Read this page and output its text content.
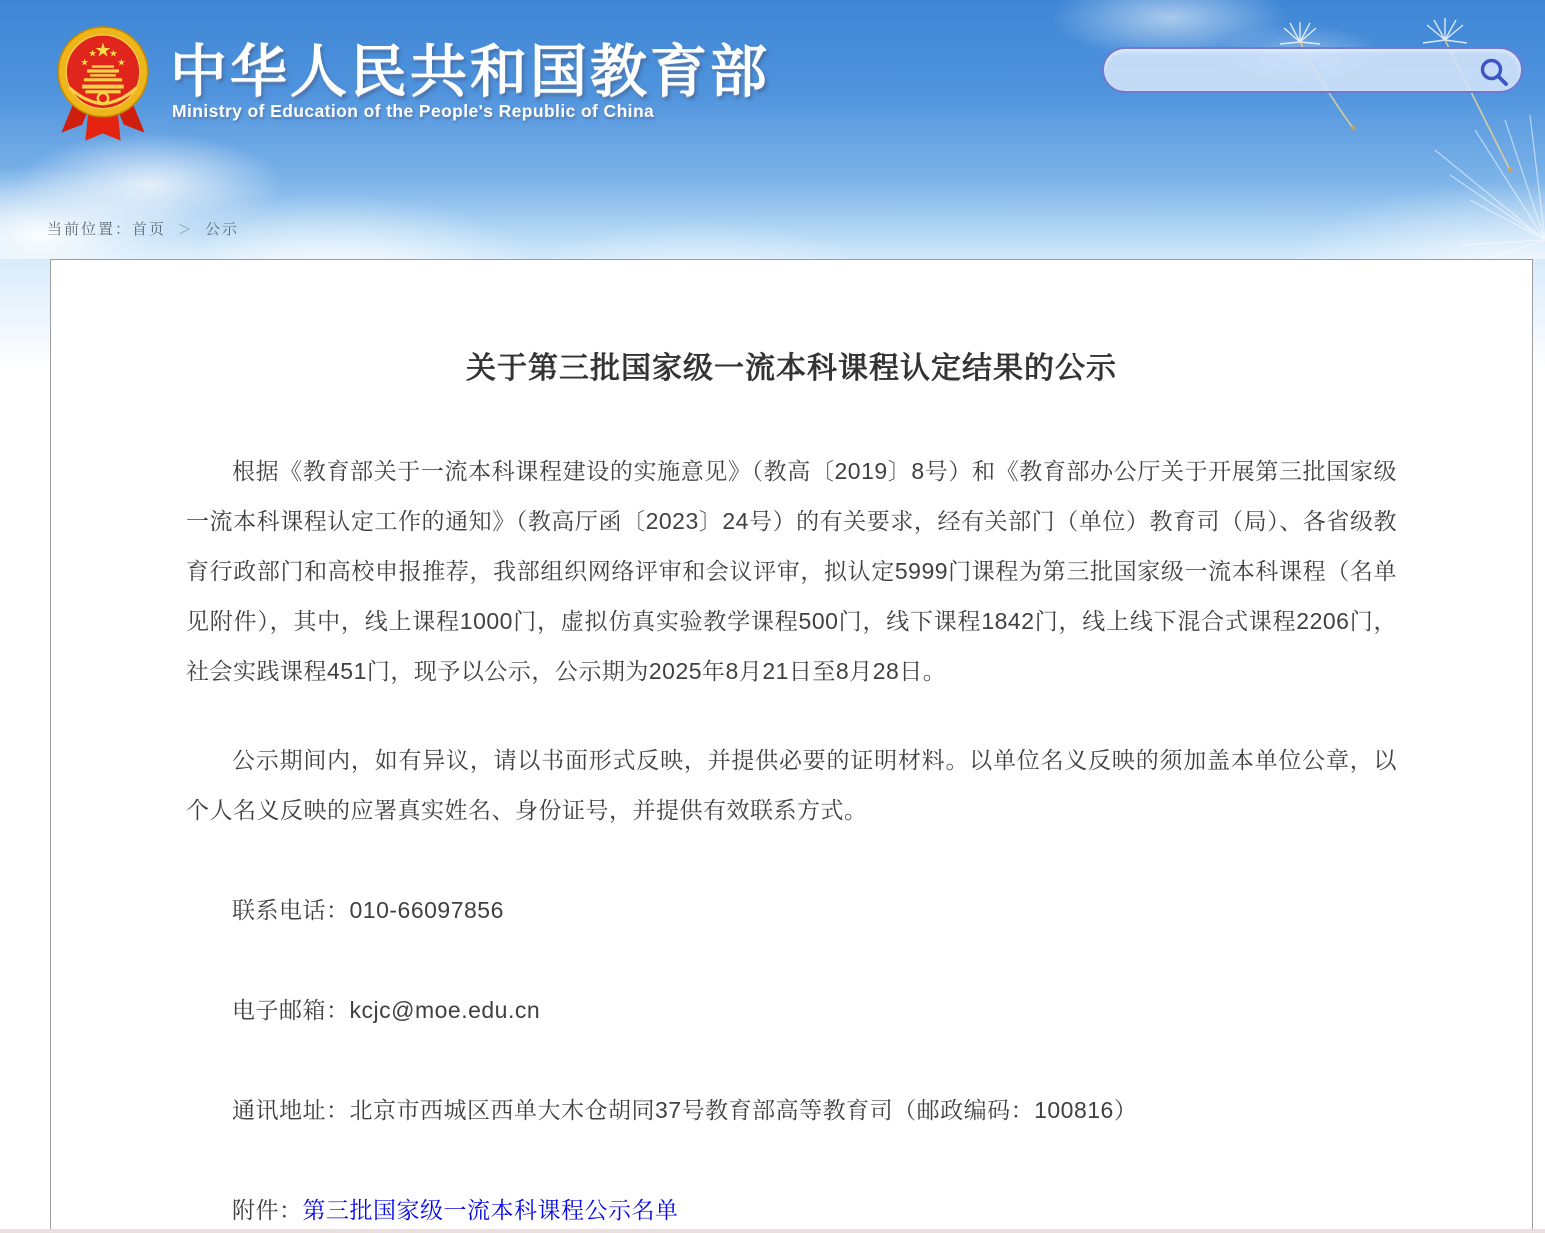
★
★
★ ★
★ 中华人民共和国教育部
Ministry of Education of the People's Republic of China
当前位置：首页 ＞ 公示
关于第三批国家级一流本科课程认定结果的公示

根据《教育部关于一流本科课程建设的实施意见》（教高〔2019〕8号）和《教育部办公厅关于开展第三批国家级一流本科课程认定工作的通知》（教高厅函〔2023〕24号）的有关要求，经有关部门（单位）教育司（局）、各省级教育行政部门和高校申报推荐，我部组织网络评审和会议评审，拟认定5999门课程为第三批国家级一流本科课程（名单见附件），其中，线上课程1000门，虚拟仿真实验教学课程500门，线下课程1842门，线上线下混合式课程2206门，社会实践课程451门，现予以公示，公示期为2025年8月21日至8月28日。

公示期间内，如有异议，请以书面形式反映，并提供必要的证明材料。以单位名义反映的须加盖本单位公章，以个人名义反映的应署真实姓名、身份证号，并提供有效联系方式。

联系电话：010-66097856

电子邮箱：kcjc@moe.edu.cn

通讯地址：北京市西城区西单大木仓胡同37号教育部高等教育司（邮政编码：100816）

附件：第三批国家级一流本科课程公示名单
